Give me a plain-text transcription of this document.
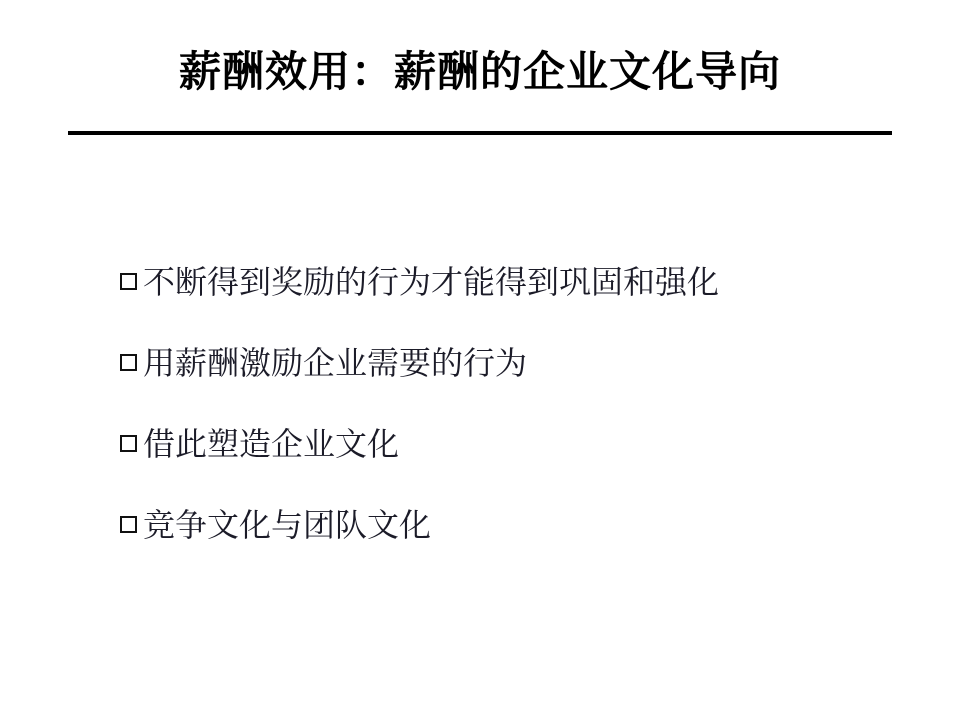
薪酬效用：薪酬的企业文化导向
不断得到奖励的行为才能得到巩固和强化
用薪酬激励企业需要的行为
借此塑造企业文化
竞争文化与团队文化
